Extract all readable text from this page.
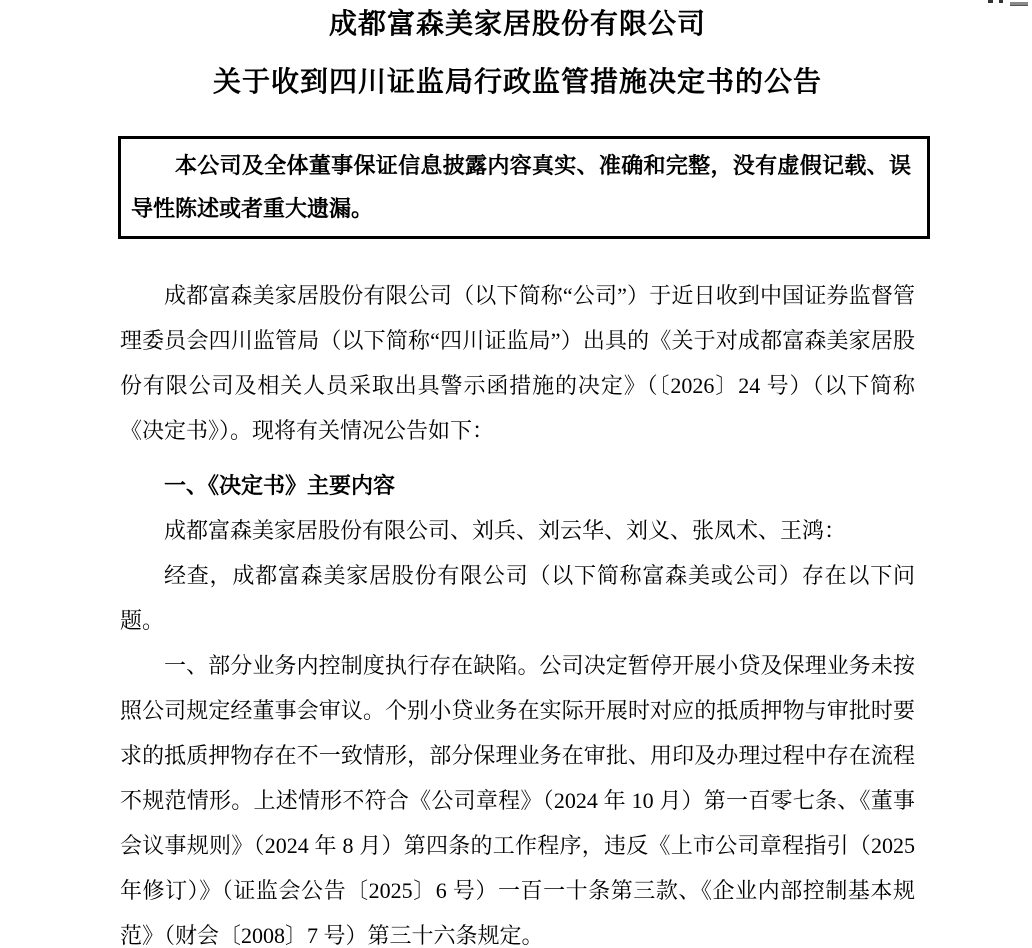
成都富森美家居股份有限公司
关于收到四川证监局行政监管措施决定书的公告

本公司及全体董事保证信息披露内容真实、准确和完整，没有虚假记载、误导性陈述或者重大遗漏。

成都富森美家居股份有限公司（以下简称“公司”）于近日收到中国证券监督管理委员会四川监管局（以下简称“四川证监局”）出具的《关于对成都富森美家居股份有限公司及相关人员采取出具警示函措施的决定》（〔2026〕24 号）（以下简称《决定书》）。现将有关情况公告如下：

一、《决定书》主要内容

成都富森美家居股份有限公司、刘兵、刘云华、刘义、张凤术、王鸿：

经查，成都富森美家居股份有限公司（以下简称富森美或公司）存在以下问题。

一、部分业务内控制度执行存在缺陷。公司决定暂停开展小贷及保理业务未按照公司规定经董事会审议。个别小贷业务在实际开展时对应的抵质押物与审批时要求的抵质押物存在不一致情形，部分保理业务在审批、用印及办理过程中存在流程不规范情形。上述情形不符合《公司章程》（2024 年 10 月）第一百零七条、《董事会议事规则》（2024 年 8 月）第四条的工作程序，违反《上市公司章程指引（2025 年修订）》（证监会公告〔2025〕6 号）一百一十条第三款、《企业内部控制基本规范》（财会〔2008〕7 号）第三十六条规定。
